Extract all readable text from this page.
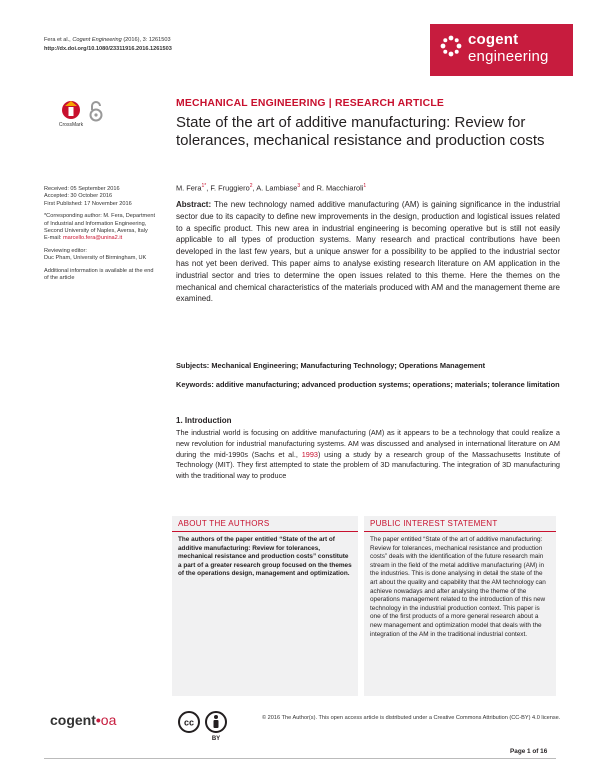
Fera et al., Cogent Engineering (2016), 3: 1261503
http://dx.doi.org/10.1080/23311916.2016.1261503
cogent
engineering
CrossMark
MECHANICAL ENGINEERING | RESEARCH ARTICLE
State of the art of additive manufacturing: Review for tolerances, mechanical resistance and production costs
M. Fera$^{1*}$, F. Fruggiero$^2$, A. Lambiase$^3$ and R. Macchiaroli$^1$

Received: 05 September 2016
Accepted: 30 October 2016
First Published: 17 November 2016

*Corresponding author: M. Fera, Department of Industrial and Information Engineering, Second University of Naples, Aversa, Italy
E-mail: marcello.fera@unina2.it

Reviewing editor:
Duc Pham, University of Birmingham, UK

Additional information is available at the end of the article

Abstract: The new technology named additive manufacturing (AM) is gaining significance in the industrial sector due to its capacity to define new improvements in the design, production and logistical issues related to a specific product. This new area in industrial engineering is becoming operative but is still not easily applicable to all types of production systems. Many research and practical contributions have been developed in the last few years, but a unique answer for a possibility to be applied to the industrial sector has not yet been derived. This paper aims to analyse existing research literature on AM application in the industrial sector and tries to determine the open issues related to this theme. Here the themes on the mechanical and chemical characteristics of the materials produced with AM and the management theme are examined.
Subjects: Mechanical Engineering; Manufacturing Technology; Operations Management
Keywords: additive manufacturing; advanced production systems; operations; materials; tolerance limitation
1. Introduction
The industrial world is focusing on additive manufacturing (AM) as it appears to be a technology that could realize a new revolution for industrial manufacturing systems. AM was discussed and analysed in international literature on AM during the mid-1990s (Sachs et al., 1993) using a study by a research group of the Massachusetts Institute of Technology (MIT). They first attempted to state the problem of 3D manufacturing. The integration of 3D manufacturing with the traditional way to produce
ABOUT THE AUTHORS
The authors of the paper entitled “State of the art of additive manufacturing: Review for tolerances, mechanical resistance and production costs” constitute a part of a greater research group focused on the themes of the operations design, management and optimization.
PUBLIC INTEREST STATEMENT
The paper entitled “State of the art of additive manufacturing: Review for tolerances, mechanical resistance and production costs” deals with the identification of the future research main stream in the field of the metal additive manufacturing (AM) in the industries. This is done analysing in detail the state of the art about the quality and capability that the AM technology can achieve nowadays and after analysing the theme of the operations management related to the introduction of this new technology in the industrial production context. This paper is one of the first products of a more general research about a new management and optimization model that deals with the integration of the AM in the traditional industrial context.
cogent•oa	cc
BY
© 2016 The Author(s). This open access article is distributed under a Creative Commons Attribution (CC-BY) 4.0 license.
Page 1 of 16
